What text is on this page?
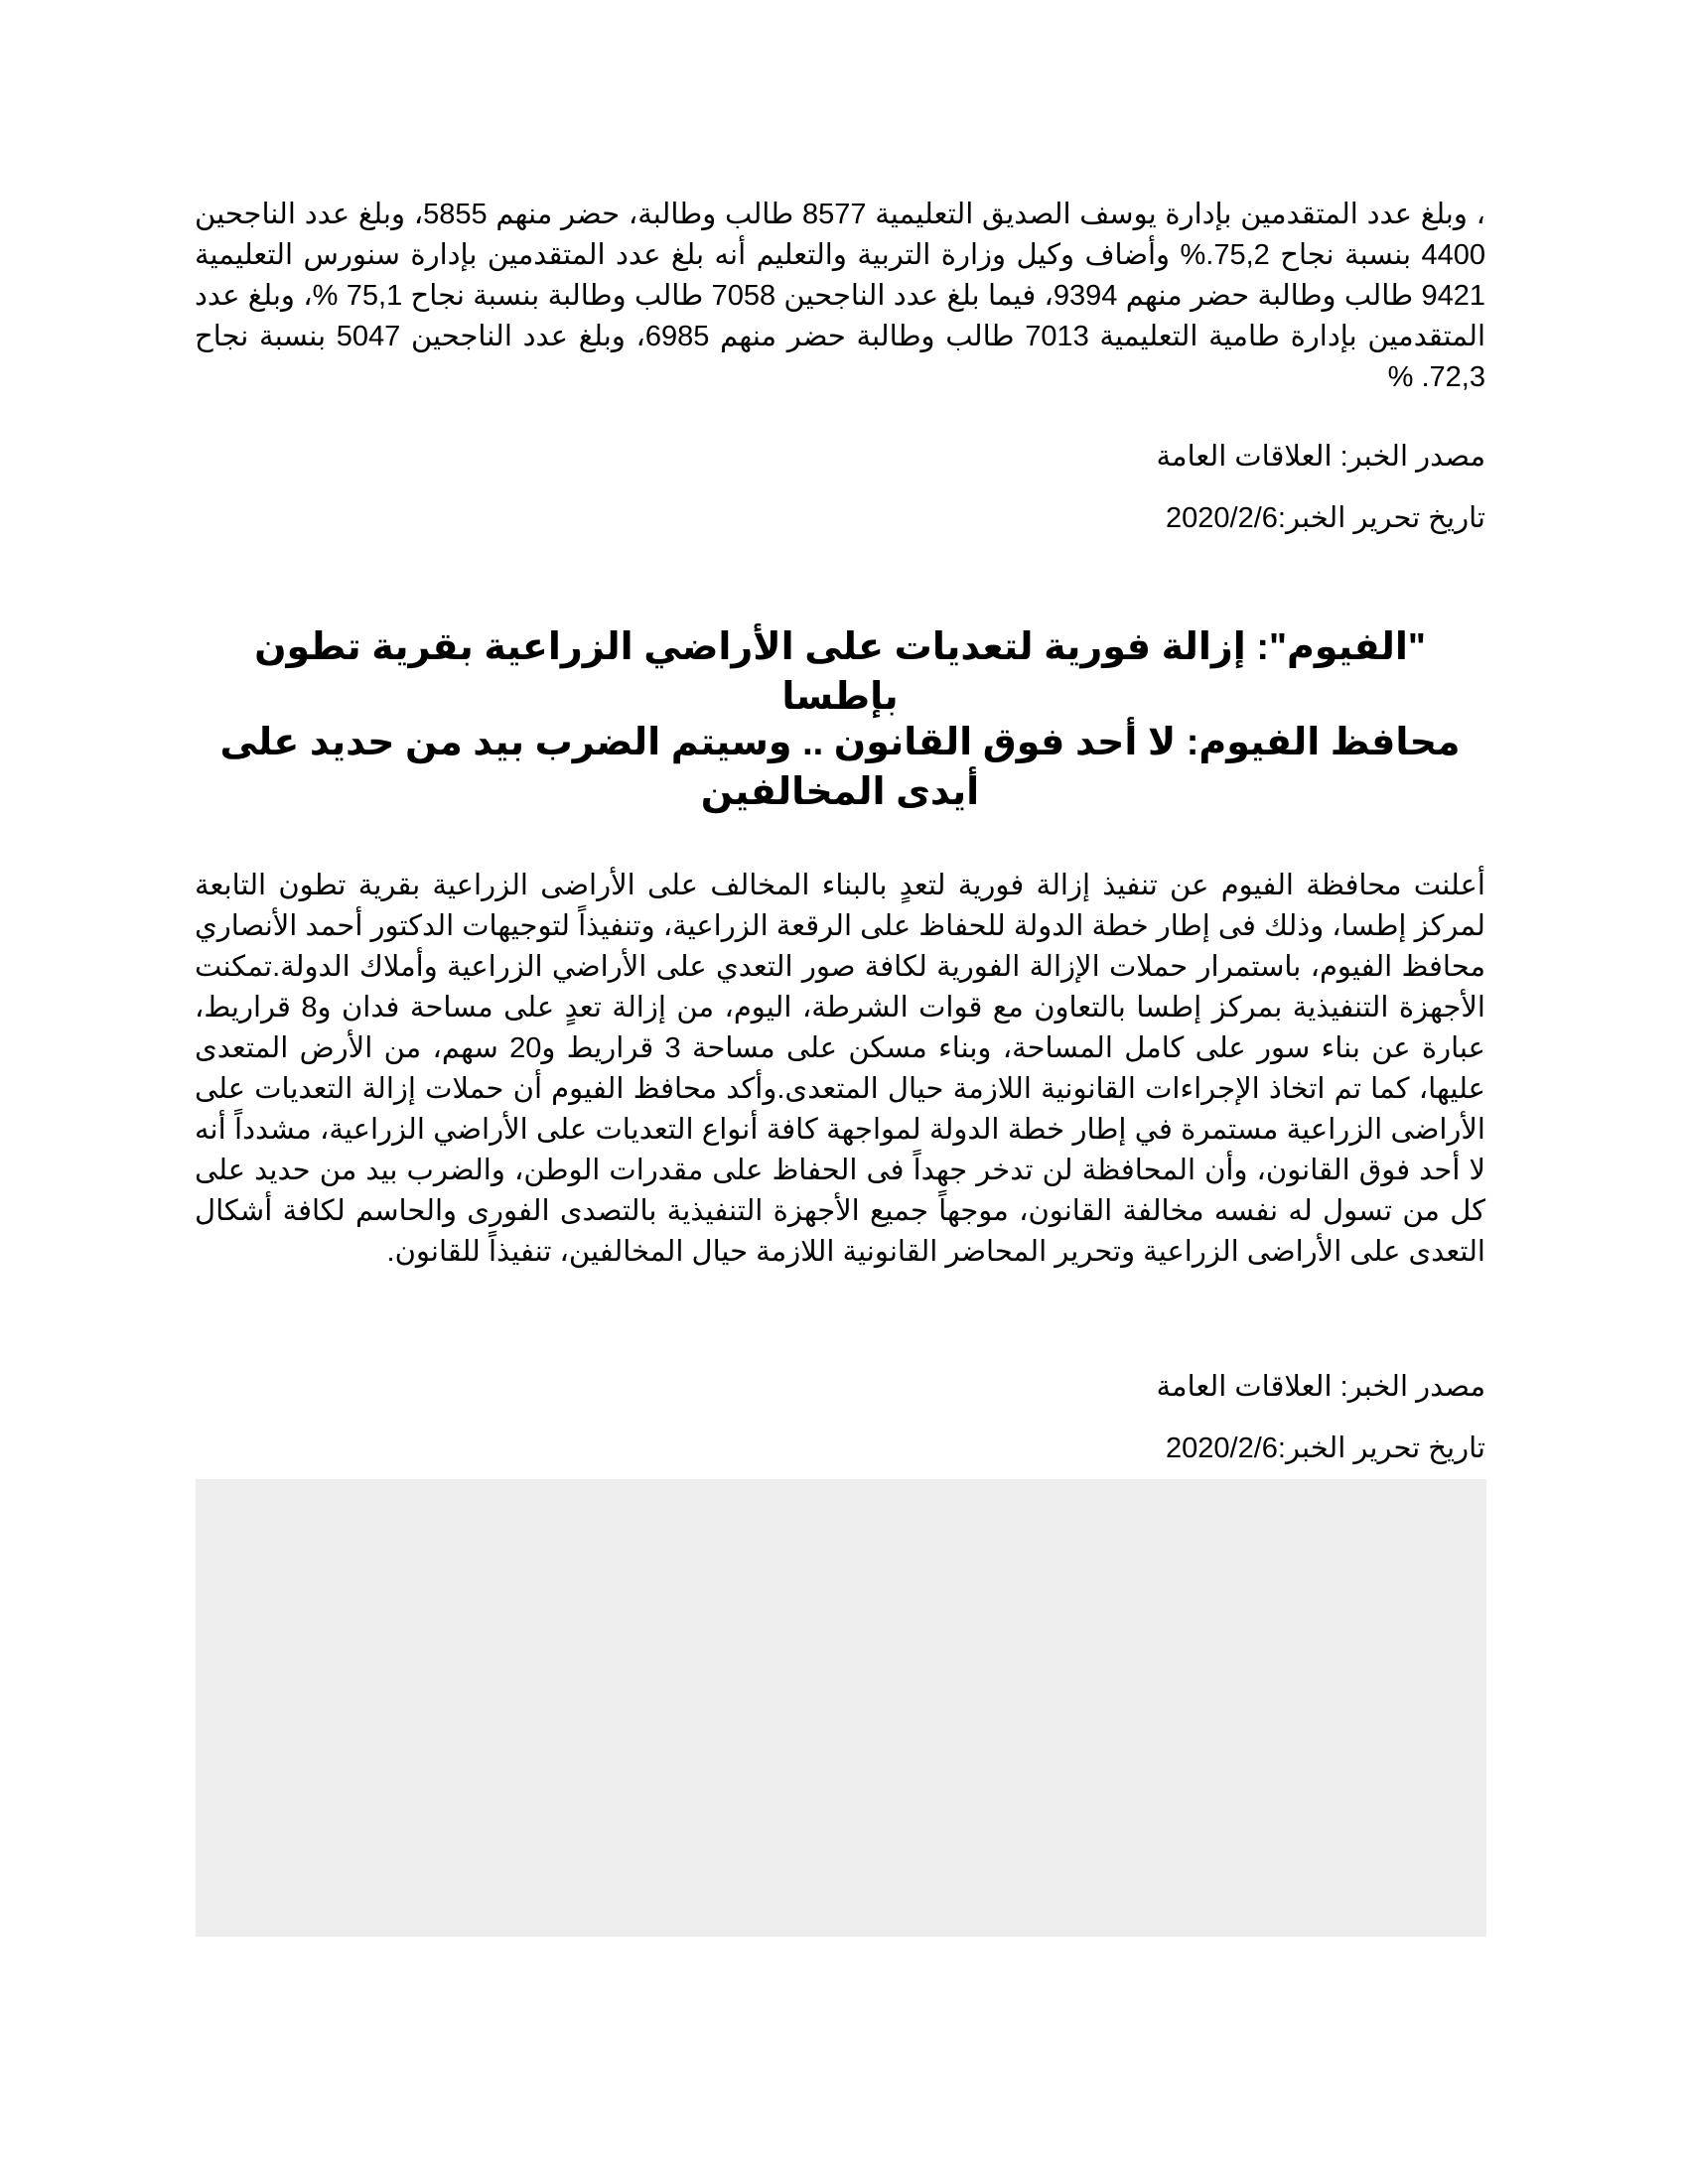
، وبلغ عدد المتقدمين بإدارة يوسف الصديق التعليمية 8577 طالب وطالبة، حضر منهم 5855، وبلغ عدد الناجحين 4400 بنسبة نجاح 75,2.% وأضاف وكيل وزارة التربية والتعليم أنه بلغ عدد المتقدمين بإدارة سنورس التعليمية 9421 طالب وطالبة حضر منهم 9394، فيما بلغ عدد الناجحين 7058 طالب وطالبة بنسبة نجاح 75,1 %، وبلغ عدد المتقدمين بإدارة طامية التعليمية 7013 طالب وطالبة حضر منهم 6985، وبلغ عدد الناجحين 5047 بنسبة نجاح 72,3. %

مصدر الخبر: العلاقات العامة

تاريخ تحرير الخبر:2020/2/6

"الفيوم": إزالة فورية لتعديات على الأراضي الزراعية بقرية تطون بإطسا
محافظ الفيوم: لا أحد فوق القانون .. وسيتم الضرب بيد من حديد على أيدى المخالفين

أعلنت محافظة الفيوم عن تنفيذ إزالة فورية لتعدٍ بالبناء المخالف على الأراضى الزراعية بقرية تطون التابعة لمركز إطسا، وذلك فى إطار خطة الدولة للحفاظ على الرقعة الزراعية، وتنفيذاً لتوجيهات الدكتور أحمد الأنصاري محافظ الفيوم، باستمرار حملات الإزالة الفورية لكافة صور التعدي على الأراضي الزراعية وأملاك الدولة.تمكنت الأجهزة التنفيذية بمركز إطسا بالتعاون مع قوات الشرطة، اليوم، من إزالة تعدٍ على مساحة فدان و8 قراريط، عبارة عن بناء سور على كامل المساحة، وبناء مسكن على مساحة 3 قراريط و20 سهم، من الأرض المتعدى عليها، كما تم اتخاذ الإجراءات القانونية اللازمة حيال المتعدى.وأكد محافظ الفيوم أن حملات إزالة التعديات على الأراضى الزراعية مستمرة في إطار خطة الدولة لمواجهة كافة أنواع التعديات على الأراضي الزراعية، مشدداً أنه لا أحد فوق القانون، وأن المحافظة لن تدخر جهداً فى الحفاظ على مقدرات الوطن، والضرب بيد من حديد على كل من تسول له نفسه مخالفة القانون، موجهاً جميع الأجهزة التنفيذية بالتصدى الفورى والحاسم لكافة أشكال التعدى على الأراضى الزراعية وتحرير المحاضر القانونية اللازمة حيال المخالفين، تنفيذاً للقانون.

مصدر الخبر: العلاقات العامة

تاريخ تحرير الخبر:2020/2/6
